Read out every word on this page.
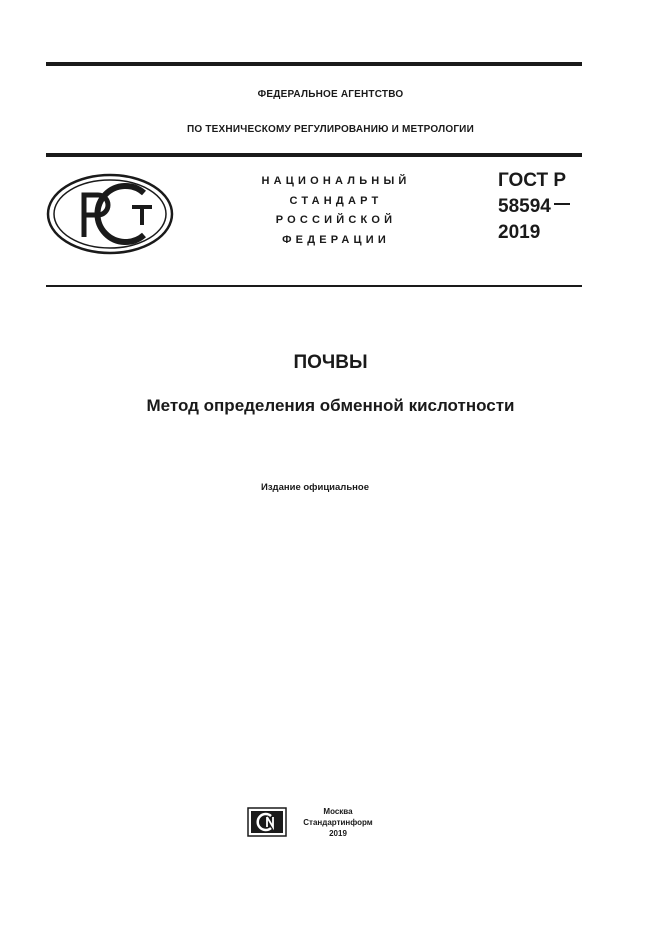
ФЕДЕРАЛЬНОЕ АГЕНТСТВО
ПО ТЕХНИЧЕСКОМУ РЕГУЛИРОВАНИЮ И МЕТРОЛОГИИ
НАЦИОНАЛЬНЫЙ
СТАНДАРТ
РОССИЙСКОЙ
ФЕДЕРАЦИИ
ГОСТ Р
58594
2019
ПОЧВЫ
Метод определения обменной кислотности
Издание официальное
Москва
Стандартинформ
2019
